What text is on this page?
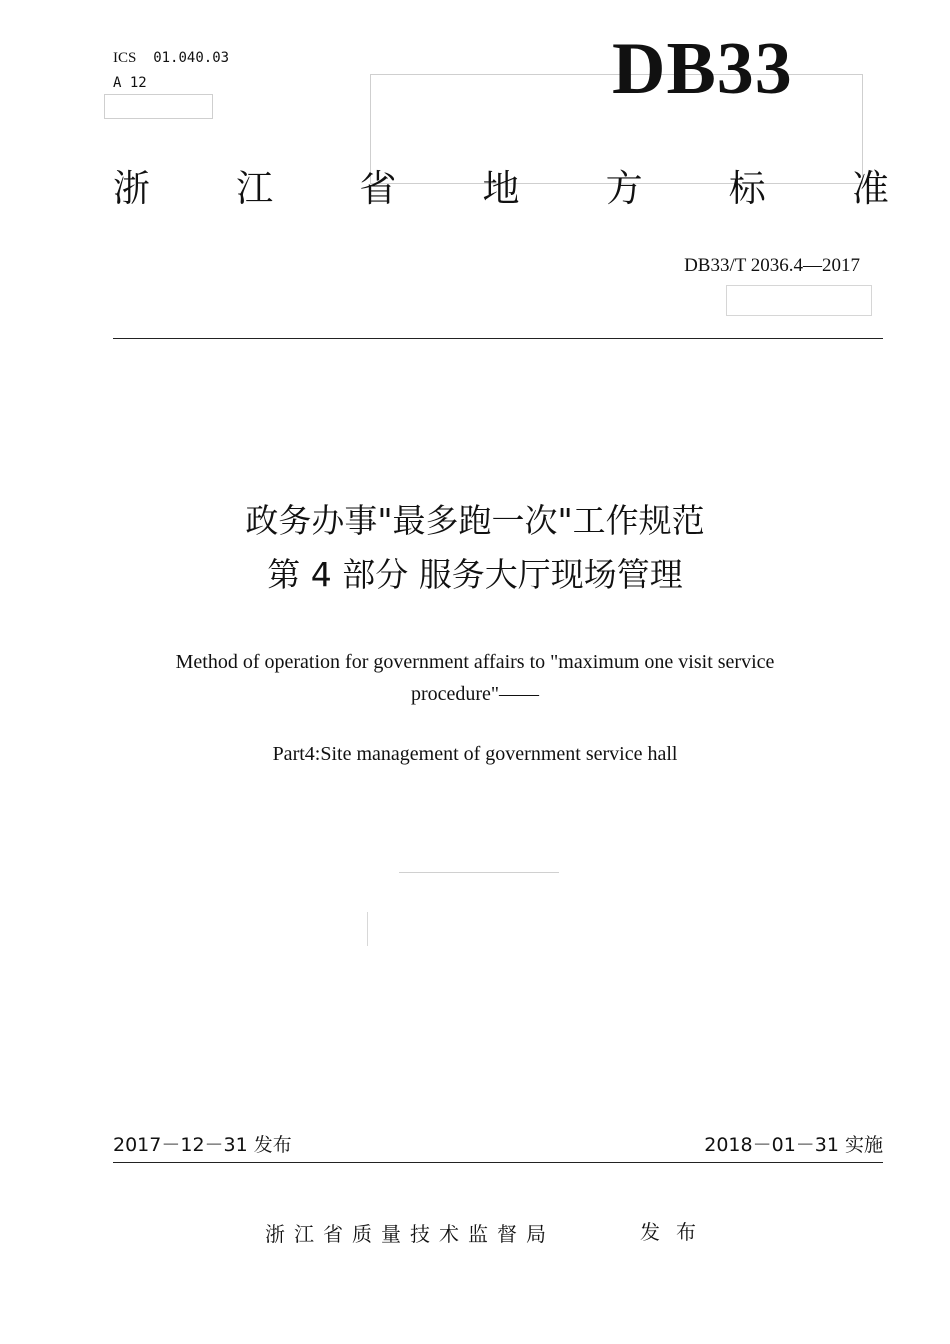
ICS 01.040.03
A 12	DB33
浙 江 省 地 方 标 准
DB33/T 2036.4—2017
政务办事"最多跑一次"工作规范
第 4 部分 服务大厅现场管理
Method of operation for government affairs to "maximum one visit service
procedure"——
Part4:Site management of government service hall
2017－12－31 发布	2018－01－31 实施
浙江省质量技术监督局	发布
